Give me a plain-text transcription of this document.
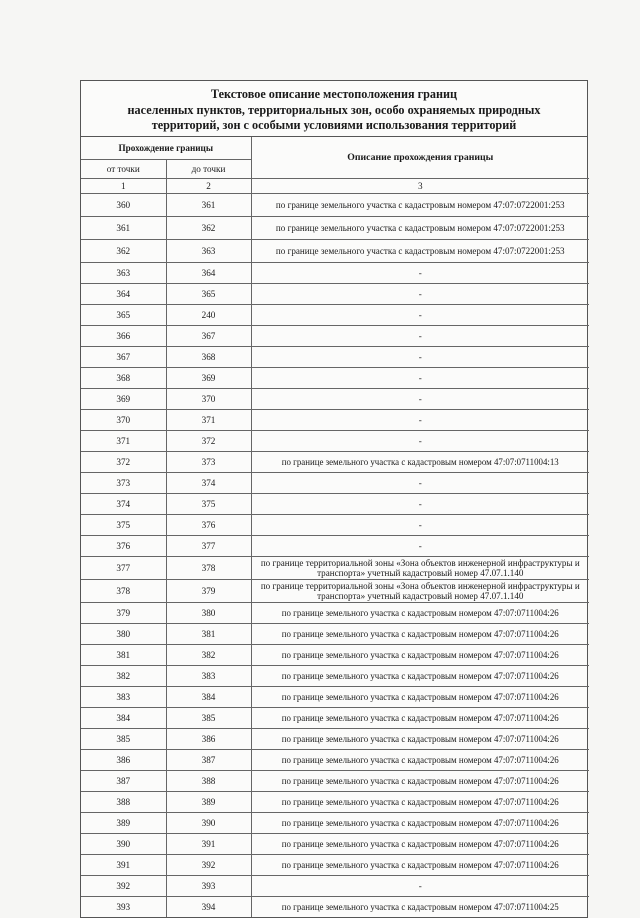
Текстовое описание местоположения границ
населенных пунктов, территориальных зон, особо охраняемых природных
территорий, зон с особыми условиями использования территорий
Прохождение границы		Описание прохождения границы
от точки	до точки	
1	2	3
360	361	по границе земельного участка с кадастровым номером 47:07:0722001:253
361	362	по границе земельного участка с кадастровым номером 47:07:0722001:253
362	363	по границе земельного участка с кадастровым номером 47:07:0722001:253
363	364	-
364	365	-
365	240	-
366	367	-
367	368	-
368	369	-
369	370	-
370	371	-
371	372	-
372	373	по границе земельного участка с кадастровым номером 47:07:0711004:13
373	374	-
374	375	-
375	376	-
376	377	-
377	378	по границе территориальной зоны «Зона объектов инженерной инфраструктуры и транспорта» учетный кадастровый номер 47.07.1.140
378	379	по границе территориальной зоны «Зона объектов инженерной инфраструктуры и транспорта» учетный кадастровый номер 47.07.1.140
379	380	по границе земельного участка с кадастровым номером 47:07:0711004:26
380	381	по границе земельного участка с кадастровым номером 47:07:0711004:26
381	382	по границе земельного участка с кадастровым номером 47:07:0711004:26
382	383	по границе земельного участка с кадастровым номером 47:07:0711004:26
383	384	по границе земельного участка с кадастровым номером 47:07:0711004:26
384	385	по границе земельного участка с кадастровым номером 47:07:0711004:26
385	386	по границе земельного участка с кадастровым номером 47:07:0711004:26
386	387	по границе земельного участка с кадастровым номером 47:07:0711004:26
387	388	по границе земельного участка с кадастровым номером 47:07:0711004:26
388	389	по границе земельного участка с кадастровым номером 47:07:0711004:26
389	390	по границе земельного участка с кадастровым номером 47:07:0711004:26
390	391	по границе земельного участка с кадастровым номером 47:07:0711004:26
391	392	по границе земельного участка с кадастровым номером 47:07:0711004:26
392	393	-
393	394	по границе земельного участка с кадастровым номером 47:07:0711004:25
